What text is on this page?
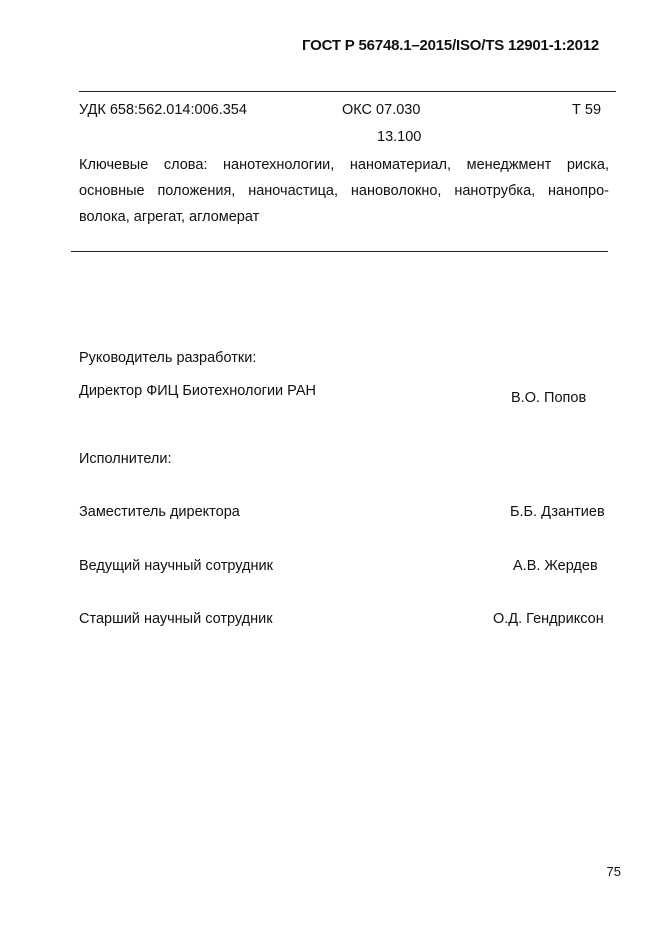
ГОСТ Р 56748.1–2015/ISO/TS 12901-1:2012
УДК 658:562.014:006.354	ОКС 07.030
13.100
Т 59
Ключевые слова: нанотехнологии, наноматериал, менеджмент риска,
основные положения, наночастица, нановолокно, нанотрубка, нанопро-
волока, агрегат, агломерат
Руководитель разработки:
Директор ФИЦ Биотехнологии РАН	В.О. Попов
Исполнители:
Заместитель директора	Б.Б. Дзантиев
Ведущий научный сотрудник	А.В. Жердев
Старший научный сотрудник	О.Д. Гендриксон
75
